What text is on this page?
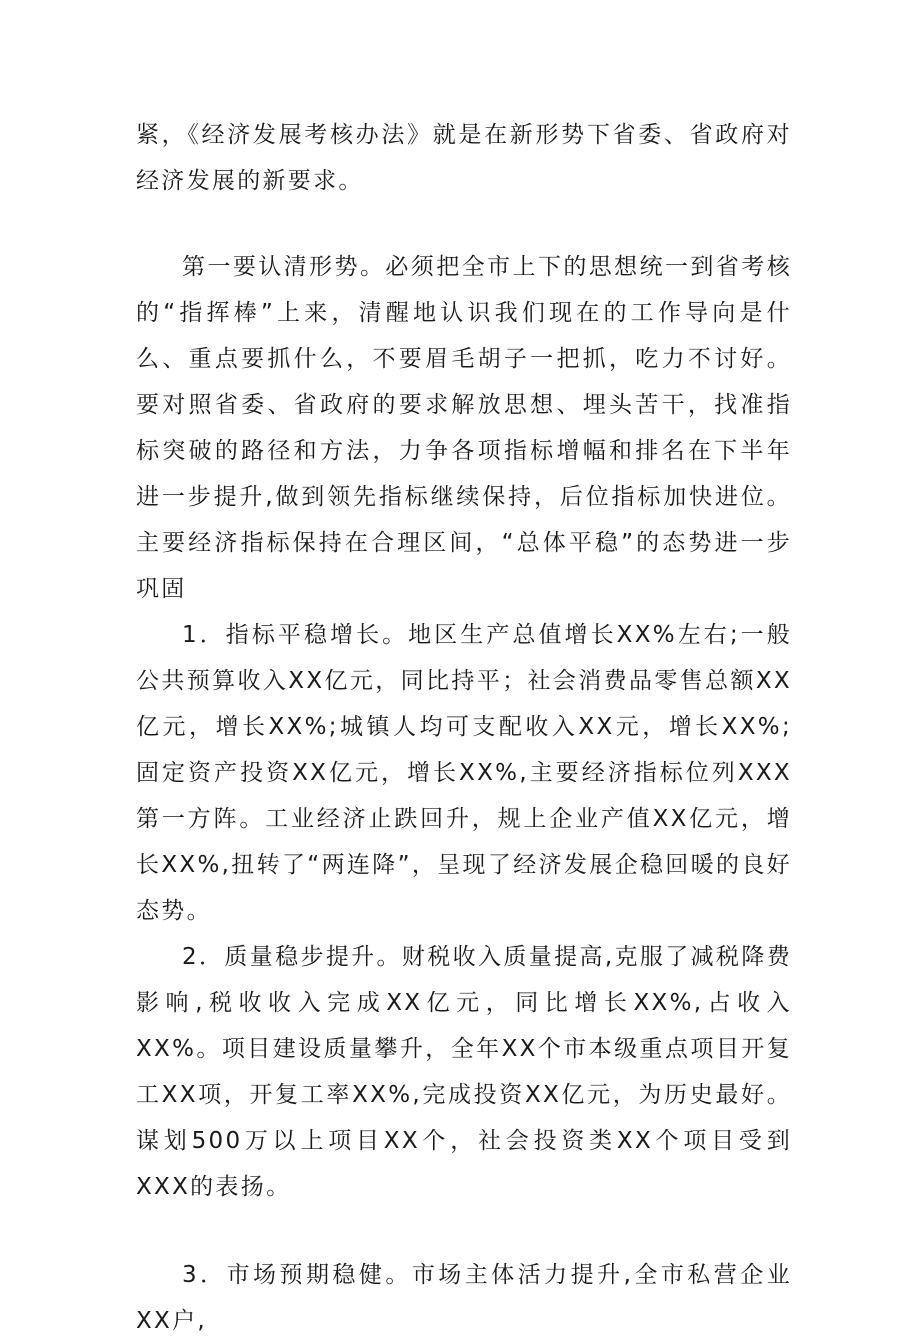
紧，《经济发展考核办法》就是在新形势下省委、省政府对经济发展的新要求。

第一要认清形势。必须把全市上下的思想统一到省考核的“指挥棒”上来，清醒地认识我们现在的工作导向是什么、重点要抓什么，不要眉毛胡子一把抓，吃力不讨好。要对照省委、省政府的要求解放思想、埋头苦干，找准指标突破的路径和方法，力争各项指标增幅和排名在下半年进一步提升,做到领先指标继续保持，后位指标加快进位。主要经济指标保持在合理区间，“总体平稳”的态势进一步巩固

1．指标平稳增长。地区生产总值增长XX%左右;一般公共预算收入XX亿元，同比持平；社会消费品零售总额XX亿元，增长XX%;城镇人均可支配收入XX元，增长XX%;固定资产投资XX亿元，增长XX%,主要经济指标位列XXX第一方阵。工业经济止跌回升，规上企业产值XX亿元，增长XX%,扭转了“两连降”，呈现了经济发展企稳回暖的良好态势。

2．质量稳步提升。财税收入质量提高,克服了减税降费影响,税收收入完成XX亿元，同比增长XX%,占收入XX%。项目建设质量攀升，全年XX个市本级重点项目开复工XX项，开复工率XX%,完成投资XX亿元，为历史最好。谋划500万以上项目XX个，社会投资类XX个项目受到XXX的表扬。

3．市场预期稳健。市场主体活力提升,全市私营企业XX户,
